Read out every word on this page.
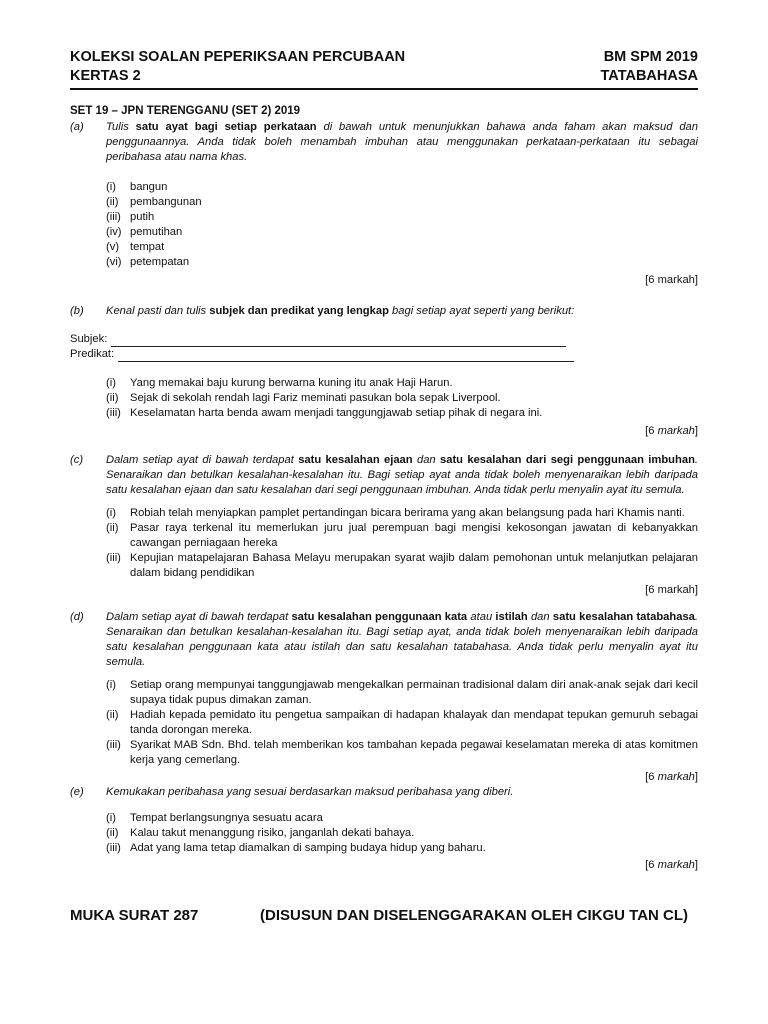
KOLEKSI SOALAN PEPERIKSAAN PERCUBAAN	BM SPM 2019
KERTAS 2	TATABAHASA
SET 19 – JPN TERENGGANU (SET 2) 2019
(a)	Tulis satu ayat bagi setiap perkataan di bawah untuk menunjukkan bahawa anda faham akan maksud dan penggunaannya. Anda tidak boleh menambah imbuhan atau menggunakan perkataan-perkataan itu sebagai peribahasa atau nama khas.
(i)	bangun
(ii)	pembangunan
(iii) putih
(iv) pemutihan
(v) tempat
(vi) petempatan
[6 markah]
(b)	Kenal pasti dan tulis subjek dan predikat yang lengkap bagi setiap ayat seperti yang berikut:
Subjek:
Predikat:
(i)	Yang memakai baju kurung berwarna kuning itu anak Haji Harun.
(ii)	Sejak di sekolah rendah lagi Fariz meminati pasukan bola sepak Liverpool.
(iii) Keselamatan harta benda awam menjadi tanggungjawab setiap pihak di negara ini.
[6 markah]
(c)	Dalam setiap ayat di bawah terdapat satu kesalahan ejaan dan satu kesalahan dari segi penggunaan imbuhan. Senaraikan dan betulkan kesalahan-kesalahan itu. Bagi setiap ayat anda tidak boleh menyenaraikan lebih daripada satu kesalahan ejaan dan satu kesalahan dari segi penggunaan imbuhan. Anda tidak perlu menyalin ayat itu semula.
(i)	Robiah telah menyiapkan pamplet pertandingan bicara berirama yang akan belangsung pada hari Khamis nanti.
(ii)	Pasar raya terkenal itu memerlukan juru jual perempuan bagi mengisi kekosongan jawatan di kebanyakkan cawangan perniagaan hereka
(iii) Kepujian matapelajaran Bahasa Melayu merupakan syarat wajib dalam pemohonan untuk melanjutkan pelajaran dalam bidang pendidikan
[6 markah]
(d)	Dalam setiap ayat di bawah terdapat satu kesalahan penggunaan kata atau istilah dan satu kesalahan tatabahasa. Senaraikan dan betulkan kesalahan-kesalahan itu. Bagi setiap ayat, anda tidak boleh menyenaraikan lebih daripada satu kesalahan penggunaan kata atau istilah dan satu kesalahan tatabahasa. Anda tidak perlu menyalin ayat itu semula.
(i)	Setiap orang mempunyai tanggungjawab mengekalkan permainan tradisional dalam diri anak-anak sejak dari kecil supaya tidak pupus dimakan zaman.
(ii)	Hadiah kepada pemidato itu pengetua sampaikan di hadapan khalayak dan mendapat tepukan gemuruh sebagai tanda dorongan mereka.
(iii) Syarikat MAB Sdn. Bhd. telah memberikan kos tambahan kepada pegawai keselamatan mereka di atas komitmen kerja yang cemerlang.
[6 markah]
(e)	Kemukakan peribahasa yang sesuai berdasarkan maksud peribahasa yang diberi.
(i)	Tempat berlangsungnya sesuatu acara
(ii)	Kalau takut menanggung risiko, janganlah dekati bahaya.
(iii) Adat yang lama tetap diamalkan di samping budaya hidup yang baharu.
[6 markah]
MUKA SURAT 287	(DISUSUN DAN DISELENGGARAKAN OLEH CIKGU TAN CL)
